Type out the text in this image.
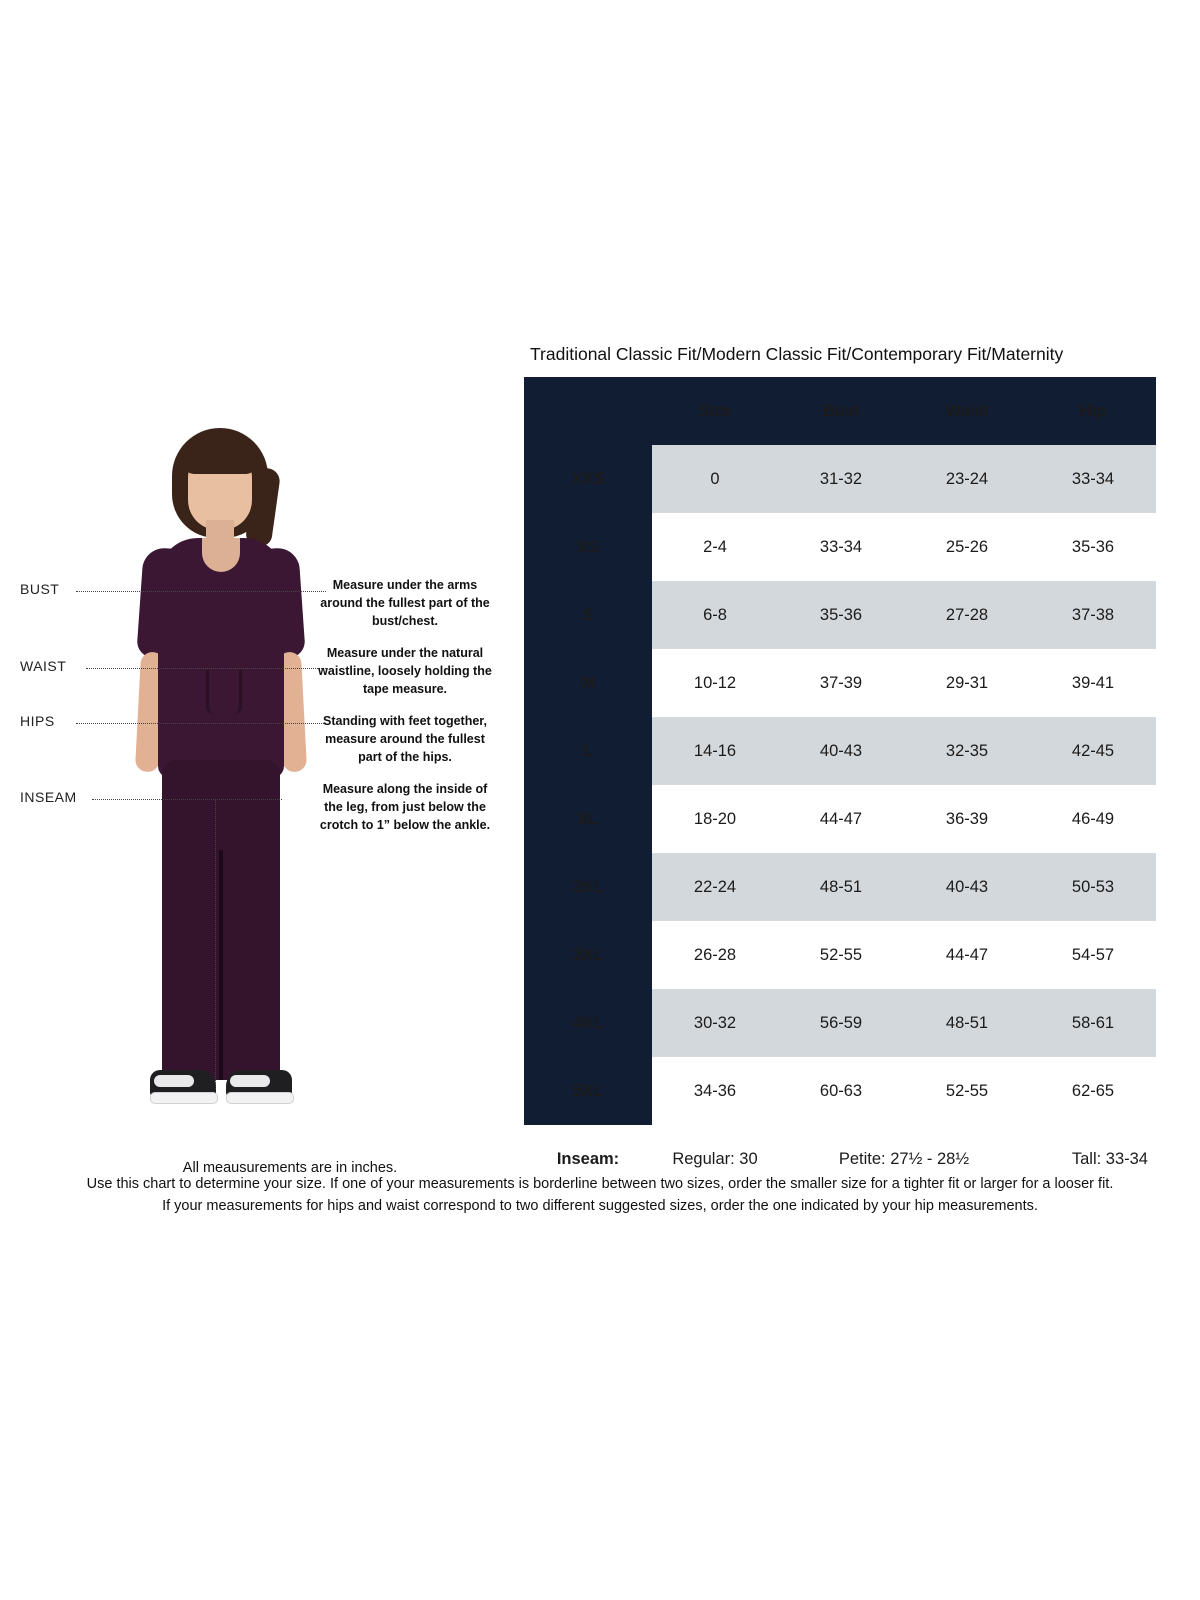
BUST
WAIST
HIPS
INSEAM
Measure under the arms around the fullest part of the bust/chest.
Measure under the natural waistline, loosely holding the tape measure.
Standing with feet together, measure around the fullest part of the hips.
Measure along the inside of the leg, from just below the crotch to 1” below the ankle.
All meausurements are in inches.
Traditional Classic Fit/Modern Classic Fit/Contemporary Fit/Maternity
	Size	Bust	Waist	Hip
XXS	0	31-32	23-24	33-34
XS	2-4	33-34	25-26	35-36
S	6-8	35-36	27-28	37-38
M	10-12	37-39	29-31	39-41
L	14-16	40-43	32-35	42-45
XL	18-20	44-47	36-39	46-49
2XL	22-24	48-51	40-43	50-53
3XL	26-28	52-55	44-47	54-57
4XL	30-32	56-59	48-51	58-61
5XL	34-36	60-63	52-55	62-65
Inseam:	Regular: 30	Petite: 27½ - 28½		Tall: 33-34
Use this chart to determine your size. If one of your measurements is borderline between two sizes, order the smaller size for a tighter fit or larger for a looser fit.
If your measurements for hips and waist correspond to two different suggested sizes, order the one indicated by your hip measurements.
